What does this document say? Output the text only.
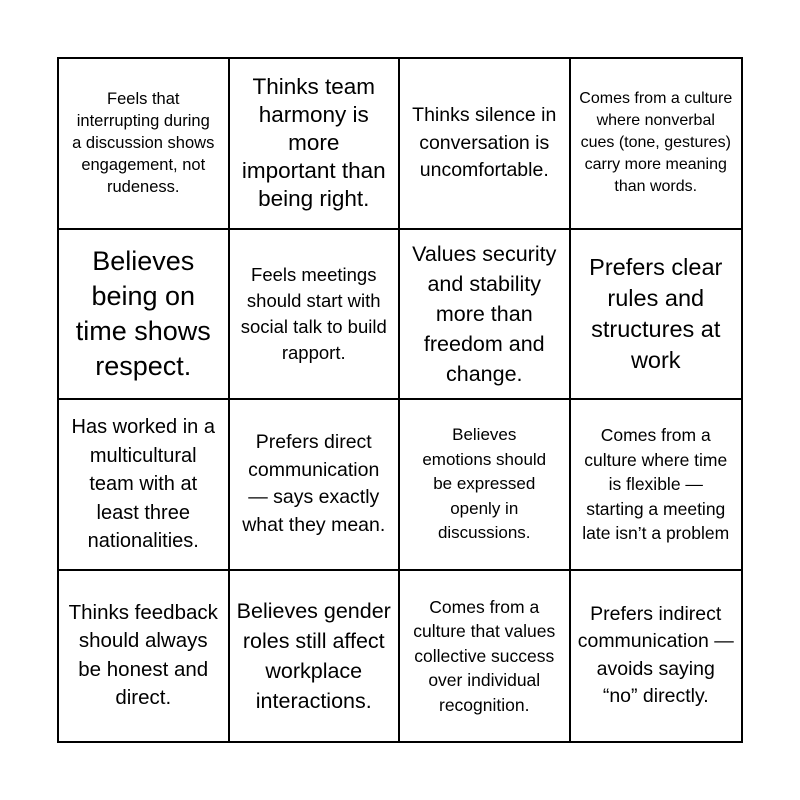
Feels that interrupting during a discussion shows engagement, not rudeness.
Thinks team harmony is more important than being right.
Thinks silence in conversation is uncomfortable.
Comes from a culture where nonverbal cues (tone, gestures) carry more meaning than words.
Believes being on time shows respect.
Feels meetings should start with social talk to build rapport.
Values security and stability more than freedom and change.
Prefers clear rules and structures at work
Has worked in a multicultural team with at least three nationalities.
Prefers direct communication — says exactly what they mean.
Believes emotions should be expressed openly in discussions.
Comes from a culture where time is flexible — starting a meeting late isn’t a problem
Thinks feedback should always be honest and direct.
Believes gender roles still affect workplace interactions.
Comes from a culture that values collective success over individual recognition.
Prefers indirect communication — avoids saying “no” directly.
